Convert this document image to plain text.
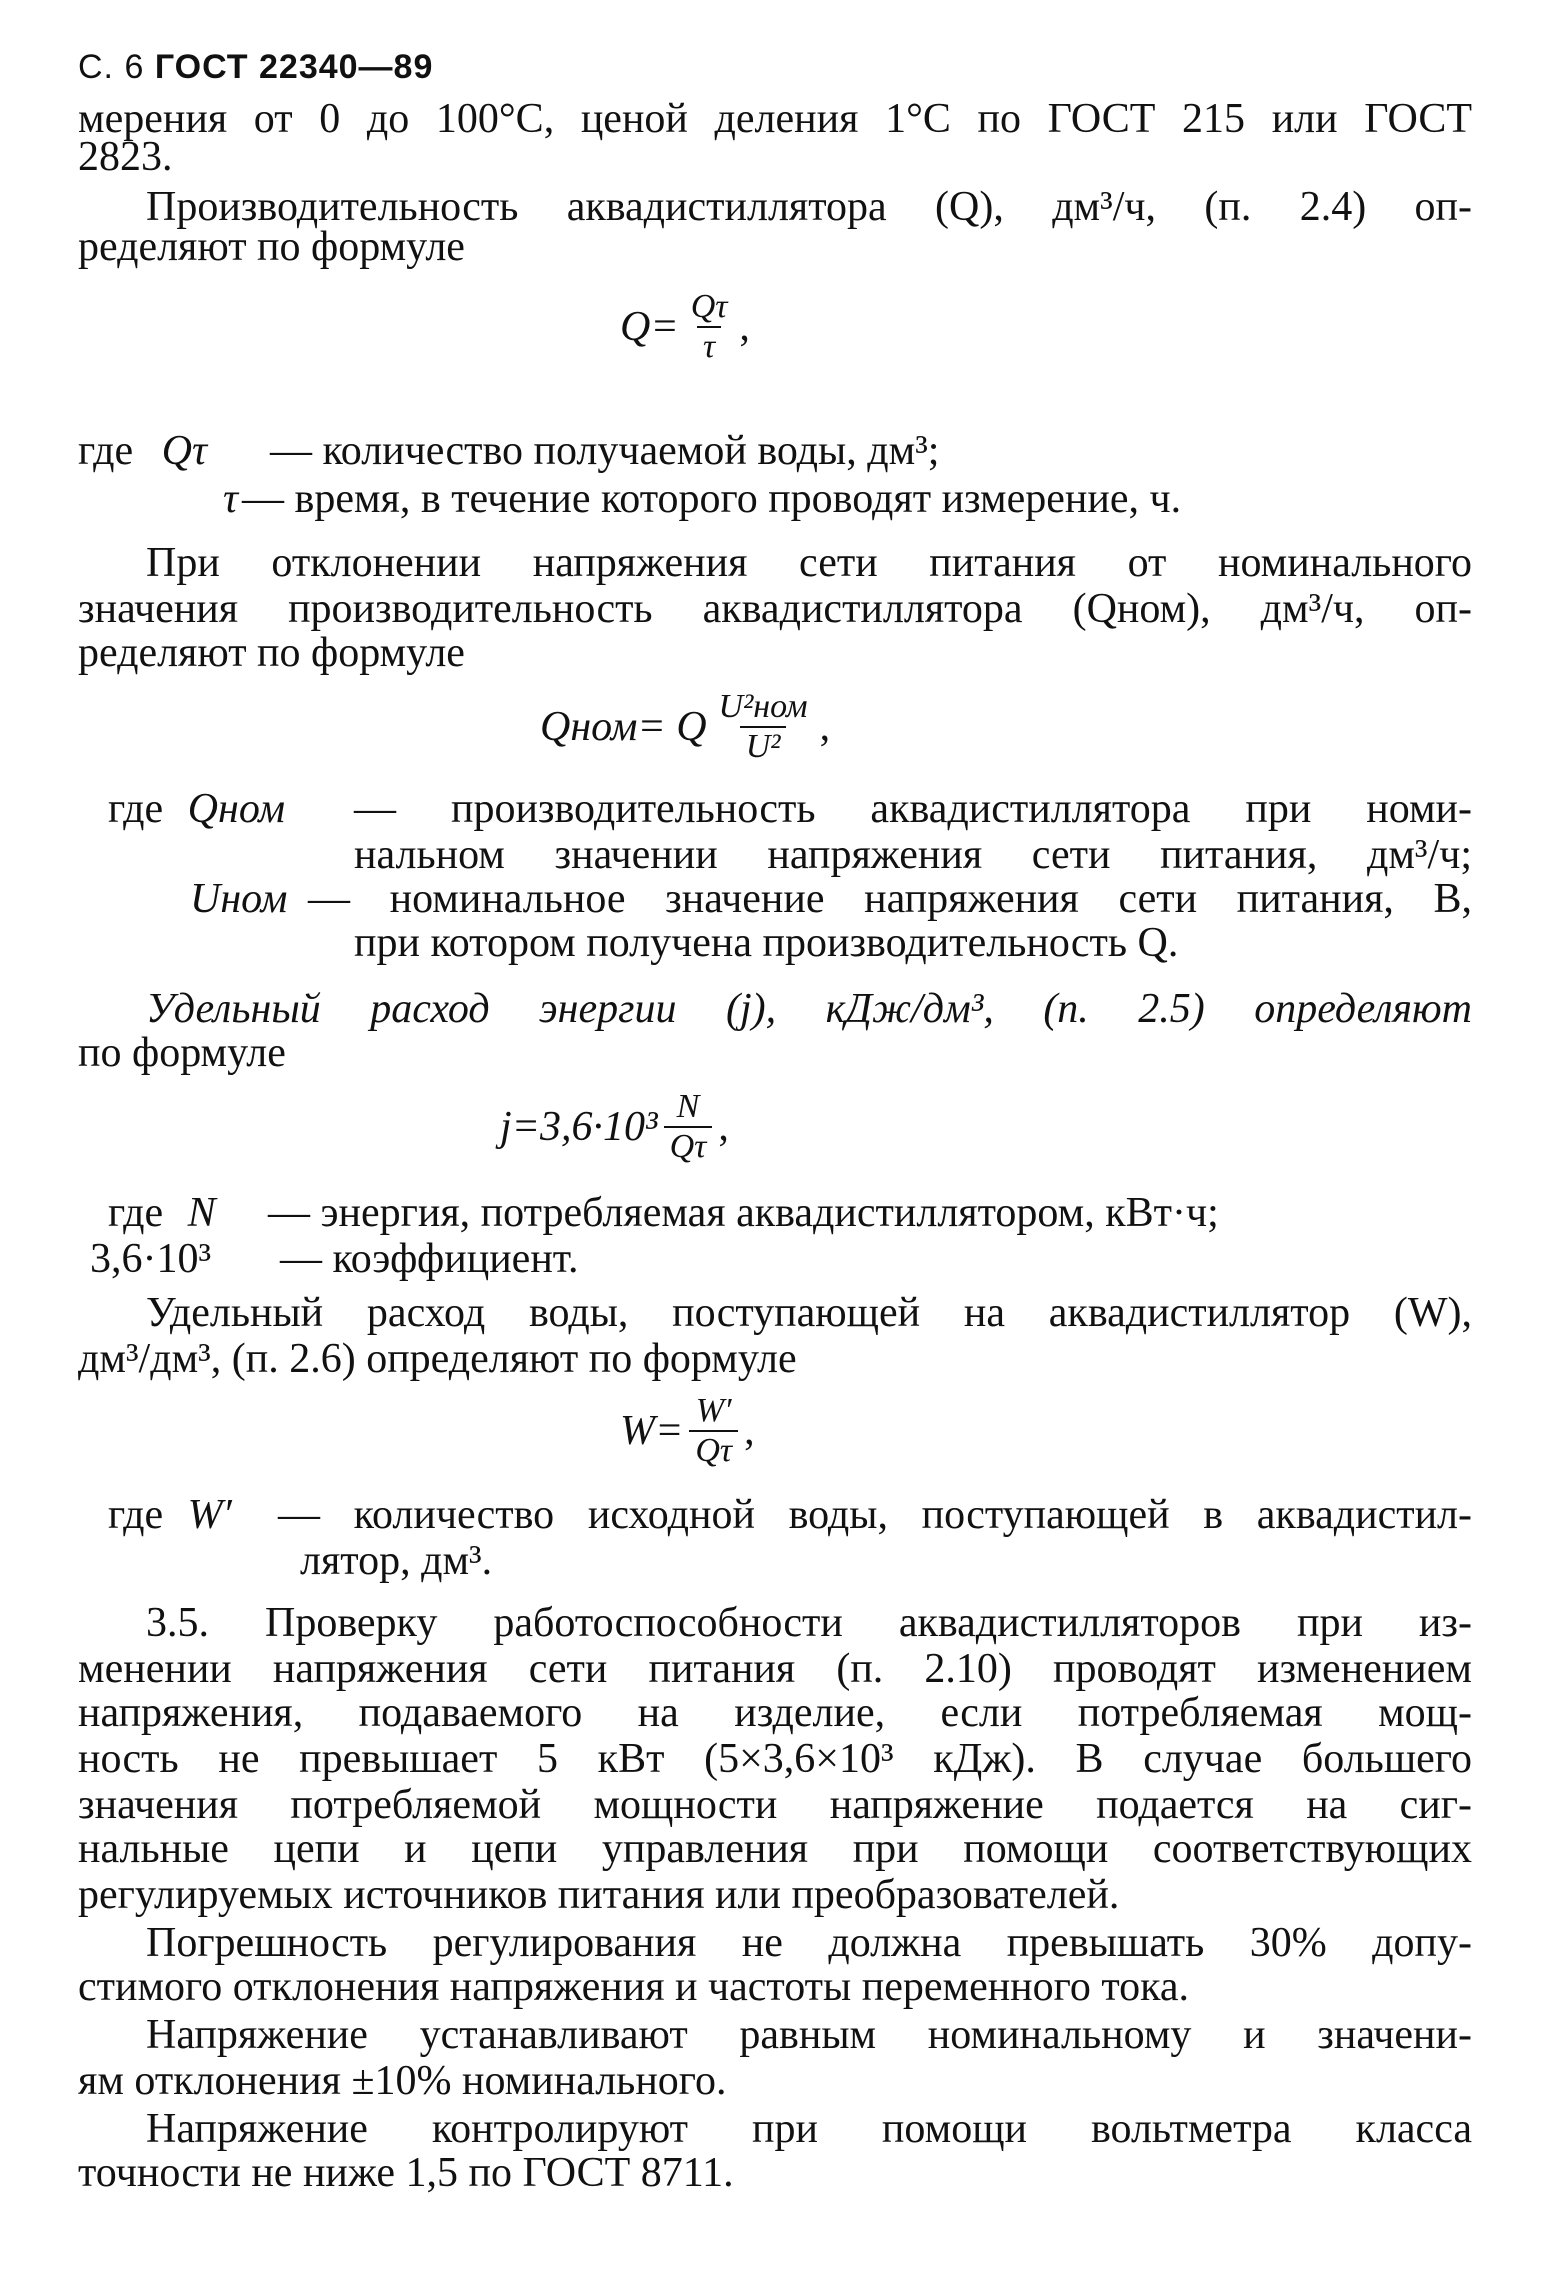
С. 6 ГОСТ 22340—89
мерения от 0 до 100°С, ценой деления 1°С по ГОСТ 215 или ГОСТ
2823.
Производительность аквадистиллятора (Q), дм³/ч, (п. 2.4) оп-
ределяют по формуле
$Q= \frac{Q\tau}{\tau}$ ,
где Qτ	— количество получаемой воды, дм³;
τ — время, в течение которого проводят измерение, ч.
При отклонении напряжения сети питания от номинального
значения производительность аквадистиллятора (Qном), дм³/ч, оп-
ределяют по формуле
Qном= Q $\frac{\text{U²ном}}{\text{U²}}$ ,
где Qном	— производительность аквадистиллятора при номи-
нальном значении напряжения сети питания, дм³/ч;
Uном — номинальное значение напряжения сети питания, В,
при котором получена производительность Q.
Удельный расход энергии (j), кДж/дм³, (п. 2.5) определяют
по формуле
$j=3,6\cdot 10^3 \frac{N}{Q\tau}$ ,
где N	— энергия, потребляемая аквадистиллятором, кВт·ч;
3,6·10³	— коэффициент.
Удельный расход воды, поступающей на аквадистиллятор (W),
дм³/дм³, (п. 2.6) определяют по формуле
$W= \frac{W'}{Q\tau}$ ,
где W′	— количество исходной воды, поступающей в аквадистил-
лятор, дм³.
3.5. Проверку работоспособности аквадистилляторов при из-
менении напряжения сети питания (п. 2.10) проводят изменением
напряжения, подаваемого на изделие, если потребляемая мощ-
ность не превышает 5 кВт (5×3,6×10³ кДж). В случае большего
значения потребляемой мощности напряжение подается на сиг-
нальные цепи и цепи управления при помощи соответствующих
регулируемых источников питания или преобразователей.
Погрешность регулирования не должна превышать 30% допу-
стимого отклонения напряжения и частоты переменного тока.
Напряжение устанавливают равным номинальному и значени-
ям отклонения ±10% номинального.
Напряжение контролируют при помощи вольтметра класса
точности не ниже 1,5 по ГОСТ 8711.
